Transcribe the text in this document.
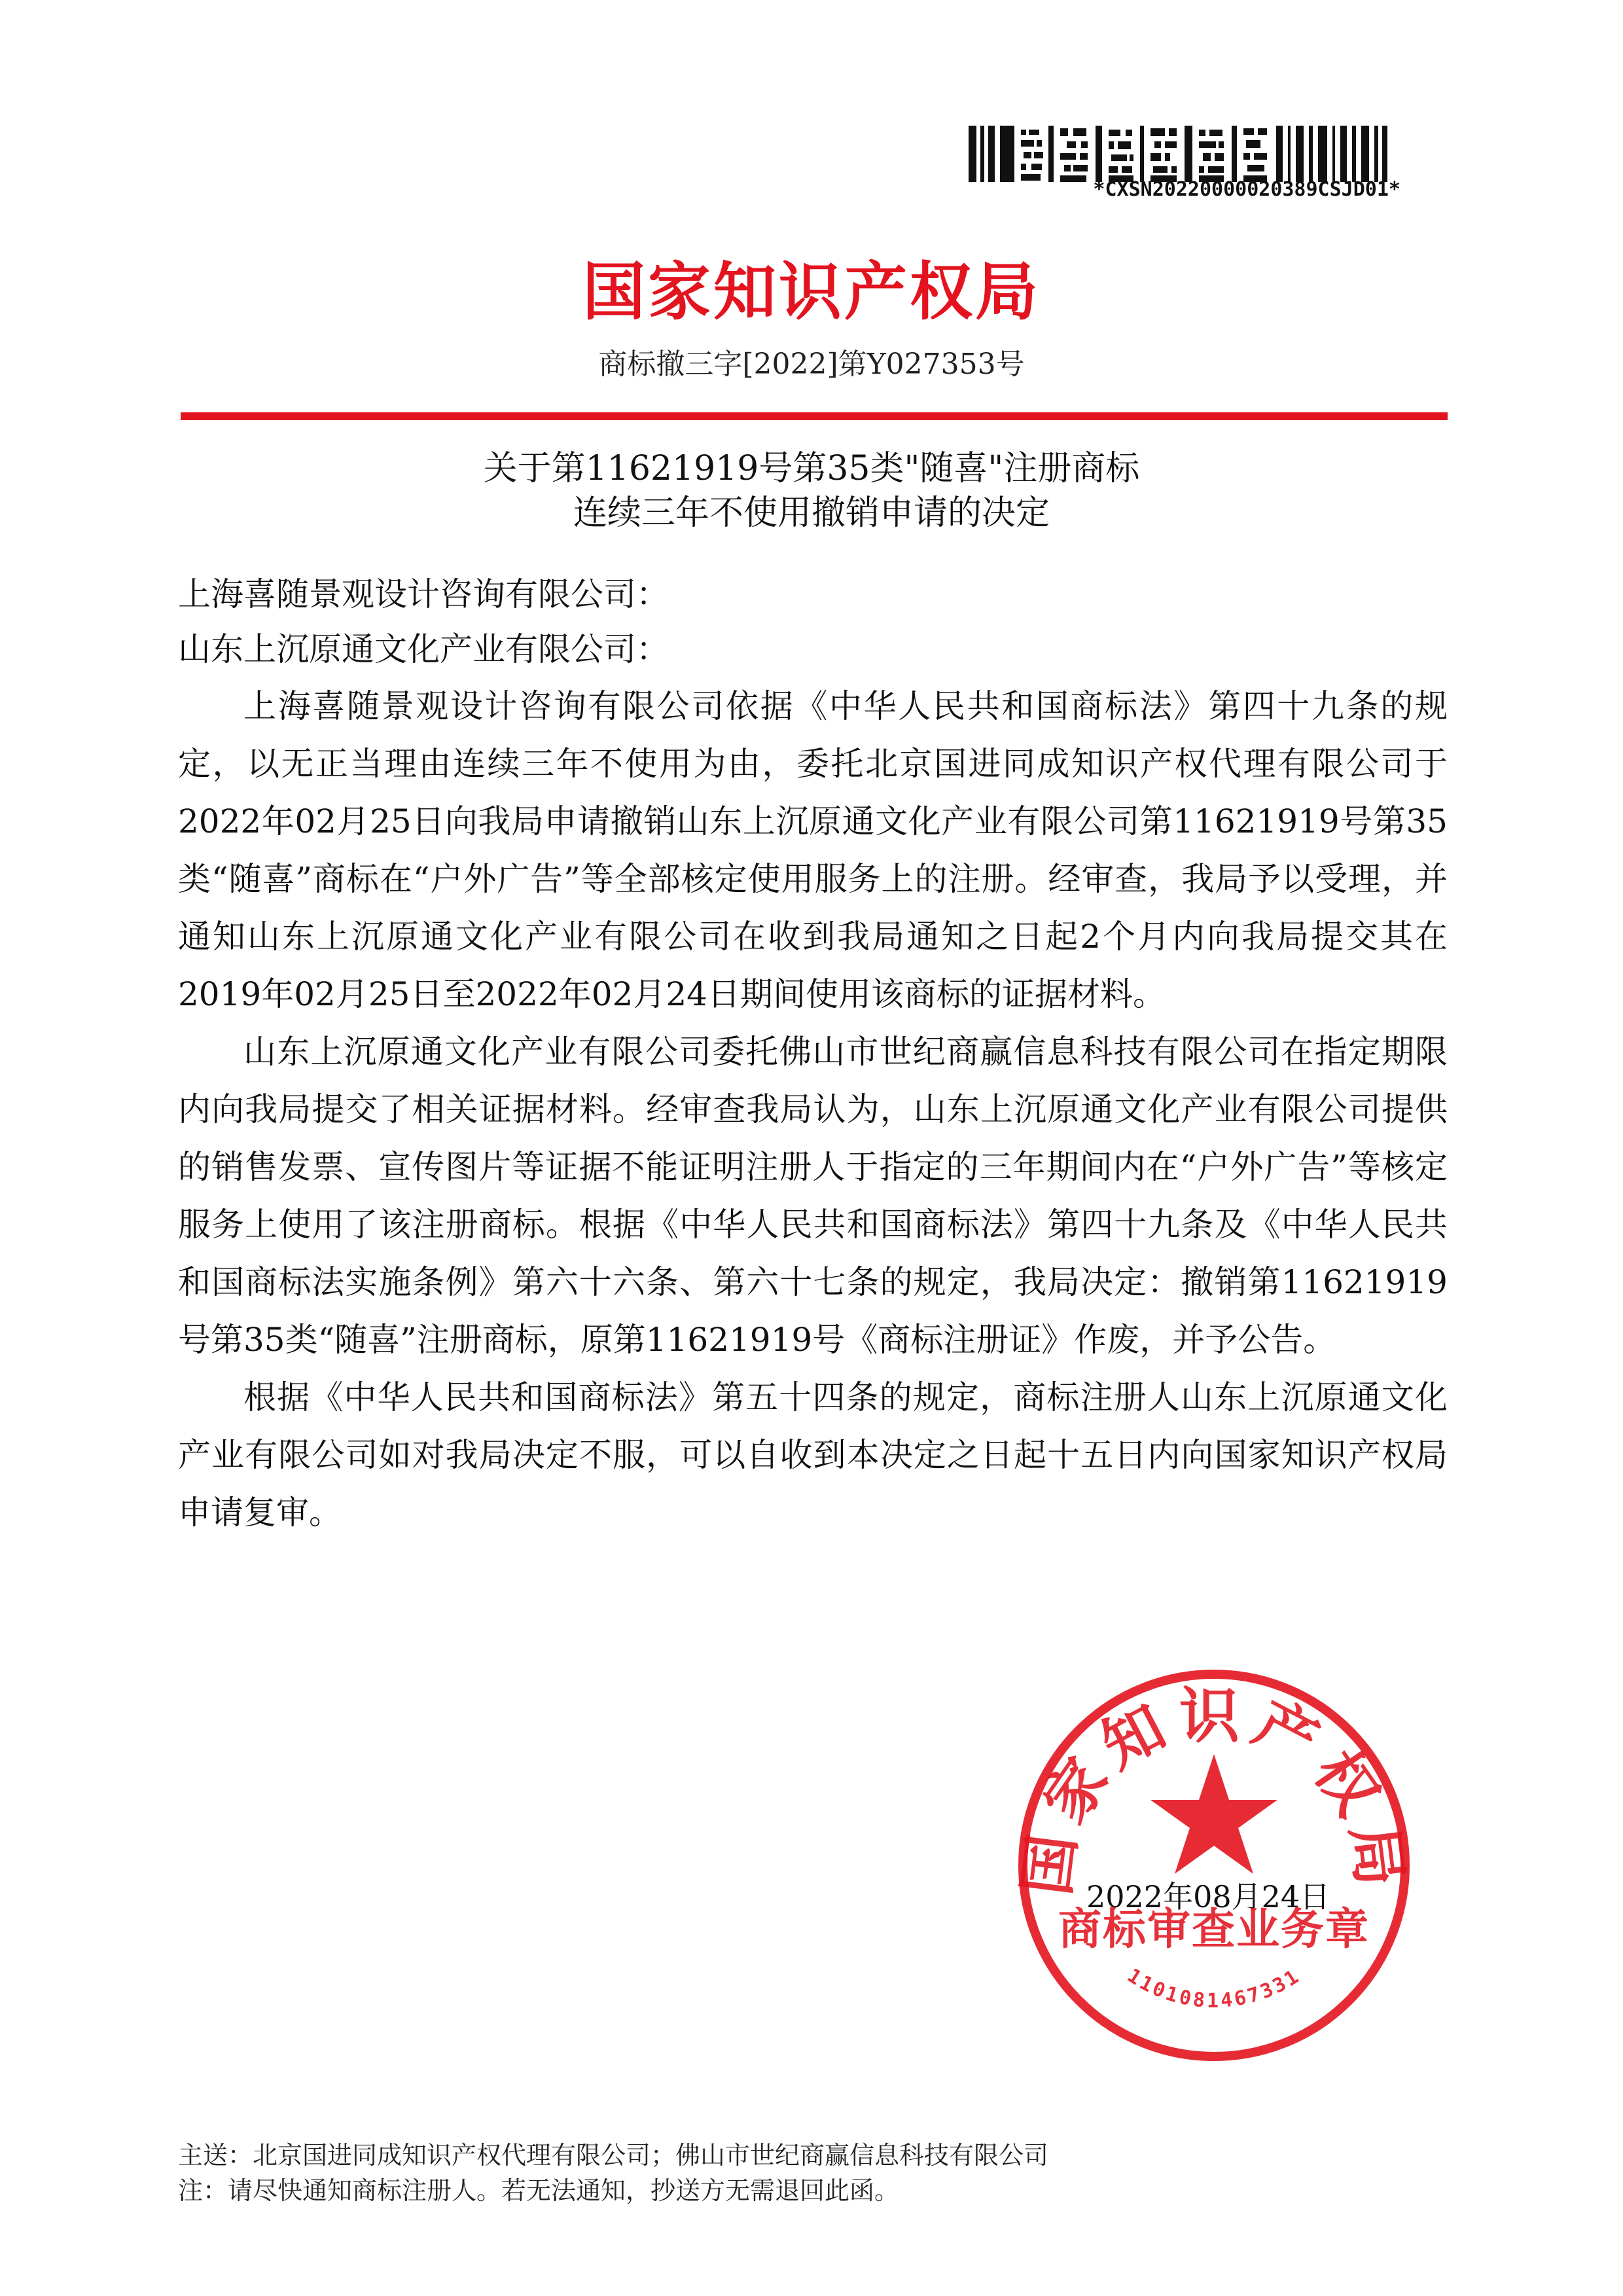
*CXSN20220000020389CSJD01*
国家知识产权局
商标撤三字[2022]第Y027353号
关于第11621919号第35类"随喜"注册商标
连续三年不使用撤销申请的决定
上海喜随景观设计咨询有限公司：
山东上沉原通文化产业有限公司：

上海喜随景观设计咨询有限公司依据《中华人民共和国商标法》第四十九条的规定，以无正当理由连续三年不使用为由，委托北京国进同成知识产权代理有限公司于2022年02月25日向我局申请撤销山东上沉原通文化产业有限公司第11621919号第35类“随喜”商标在“户外广告”等全部核定使用服务上的注册。经审查，我局予以受理，并通知山东上沉原通文化产业有限公司在收到我局通知之日起2个月内向我局提交其在2019年02月25日至2022年02月24日期间使用该商标的证据材料。

山东上沉原通文化产业有限公司委托佛山市世纪商赢信息科技有限公司在指定期限内向我局提交了相关证据材料。经审查我局认为，山东上沉原通文化产业有限公司提供的销售发票、宣传图片等证据不能证明注册人于指定的三年期间内在“户外广告”等核定服务上使用了该注册商标。根据《中华人民共和国商标法》第四十九条及《中华人民共和国商标法实施条例》第六十六条、第六十七条的规定，我局决定：撤销第11621919号第35类“随喜”注册商标，原第11621919号《商标注册证》作废，并予公告。

根据《中华人民共和国商标法》第五十四条的规定，商标注册人山东上沉原通文化产业有限公司如对我局决定不服，可以自收到本决定之日起十五日内向国家知识产权局申请复审。

2022年08月24日
国家知识产权局
商标审查业务章
1101081467331
主送：北京国进同成知识产权代理有限公司；佛山市世纪商赢信息科技有限公司
注：请尽快通知商标注册人。若无法通知，抄送方无需退回此函。
